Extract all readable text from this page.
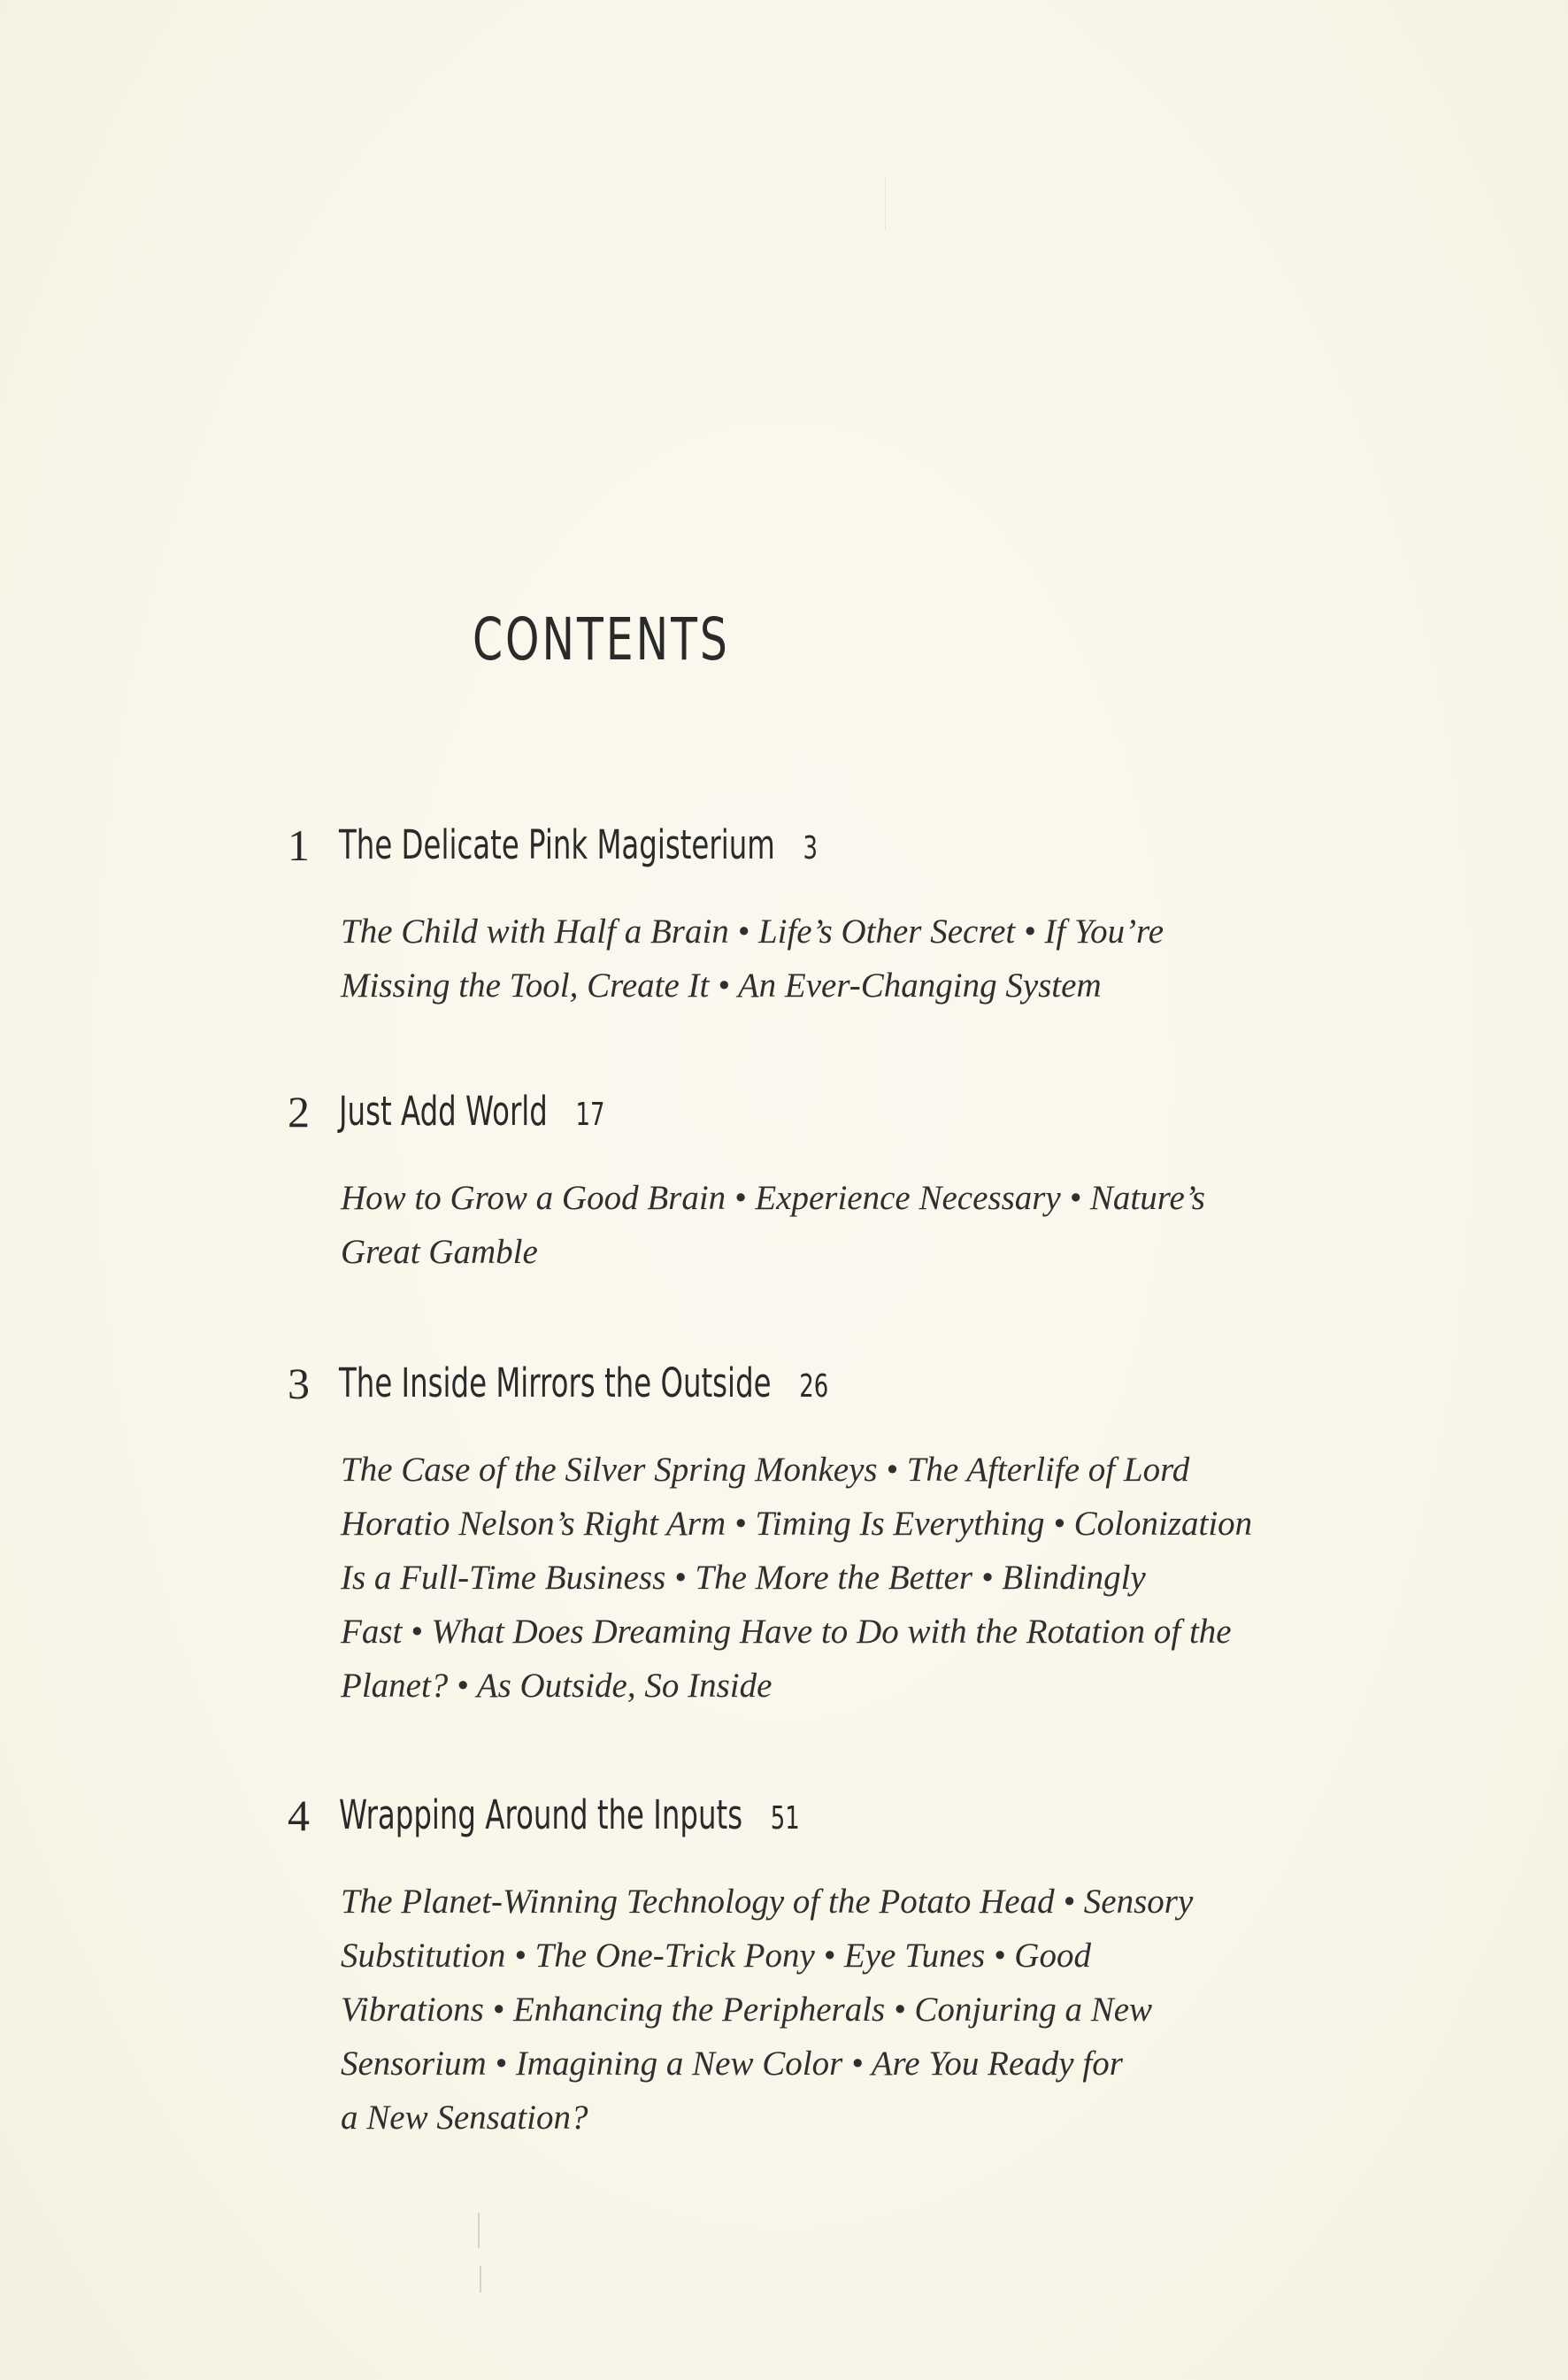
CONTENTS
1 The Delicate Pink Magisterium 3

The Child with Half a Brain • Life’s Other Secret • If You’re

Missing the Tool, Create It • An Ever-Changing System

2 Just Add World 17

How to Grow a Good Brain • Experience Necessary • Nature’s

Great Gamble

3 The Inside Mirrors the Outside 26

The Case of the Silver Spring Monkeys • The Afterlife of Lord

Horatio Nelson’s Right Arm • Timing Is Everything • Colonization

Is a Full-Time Business • The More the Better • Blindingly

Fast • What Does Dreaming Have to Do with the Rotation of the

Planet? • As Outside, So Inside

4 Wrapping Around the Inputs 51

The Planet-Winning Technology of the Potato Head • Sensory

Substitution • The One-Trick Pony • Eye Tunes • Good

Vibrations • Enhancing the Peripherals • Conjuring a New

Sensorium • Imagining a New Color • Are You Ready for

a New Sensation?
